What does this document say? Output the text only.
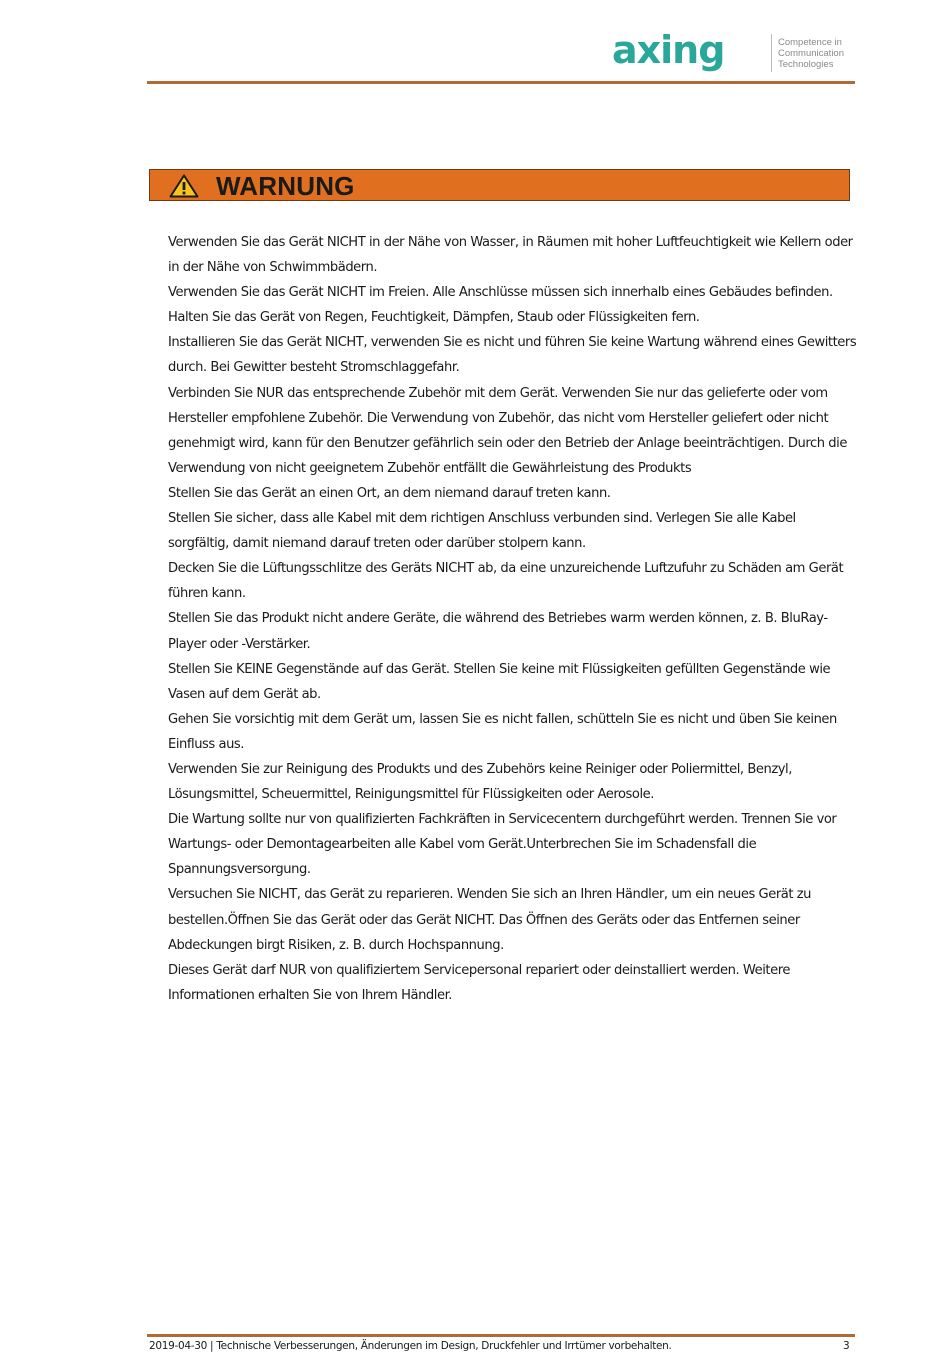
axing	Competence in
Communication
Technologies
WARNUNG

Verwenden Sie das Gerät NICHT in der Nähe von Wasser, in Räumen mit hoher Luftfeuchtigkeit wie Kellern oder in der Nähe von Schwimmbädern.

Verwenden Sie das Gerät NICHT im Freien. Alle Anschlüsse müssen sich innerhalb eines Gebäudes befinden.

Halten Sie das Gerät von Regen, Feuchtigkeit, Dämpfen, Staub oder Flüssigkeiten fern.

Installieren Sie das Gerät NICHT, verwenden Sie es nicht und führen Sie keine Wartung während eines Gewitters durch. Bei Gewitter besteht Stromschlaggefahr.

Verbinden Sie NUR das entsprechende Zubehör mit dem Gerät. Verwenden Sie nur das gelieferte oder vom Hersteller empfohlene Zubehör. Die Verwendung von Zubehör, das nicht vom Hersteller geliefert oder nicht genehmigt wird, kann für den Benutzer gefährlich sein oder den Betrieb der Anlage beeinträchtigen. Durch die Verwendung von nicht geeignetem Zubehör entfällt die Gewährleistung des Produkts

Stellen Sie das Gerät an einen Ort, an dem niemand darauf treten kann.

Stellen Sie sicher, dass alle Kabel mit dem richtigen Anschluss verbunden sind. Verlegen Sie alle Kabel sorgfältig, damit niemand darauf treten oder darüber stolpern kann.

Decken Sie die Lüftungsschlitze des Geräts NICHT ab, da eine unzureichende Luftzufuhr zu Schäden am Gerät führen kann.

Stellen Sie das Produkt nicht andere Geräte, die während des Betriebes warm werden können, z. B. BluRay-Player oder -Verstärker.

Stellen Sie KEINE Gegenstände auf das Gerät. Stellen Sie keine mit Flüssigkeiten gefüllten Gegenstände wie Vasen auf dem Gerät ab.

Gehen Sie vorsichtig mit dem Gerät um, lassen Sie es nicht fallen, schütteln Sie es nicht und üben Sie keinen Einfluss aus.

Verwenden Sie zur Reinigung des Produkts und des Zubehörs keine Reiniger oder Poliermittel, Benzyl, Lösungsmittel, Scheuermittel, Reinigungsmittel für Flüssigkeiten oder Aerosole.

Die Wartung sollte nur von qualifizierten Fachkräften in Servicecentern durchgeführt werden. Trennen Sie vor Wartungs- oder Demontagearbeiten alle Kabel vom Gerät.Unterbrechen Sie im Schadensfall die Spannungsversorgung.

Versuchen Sie NICHT, das Gerät zu reparieren. Wenden Sie sich an Ihren Händler, um ein neues Gerät zu bestellen.Öffnen Sie das Gerät oder das Gerät NICHT. Das Öffnen des Geräts oder das Entfernen seiner Abdeckungen birgt Risiken, z. B. durch Hochspannung.

Dieses Gerät darf NUR von qualifiziertem Servicepersonal repariert oder deinstalliert werden. Weitere Informationen erhalten Sie von Ihrem Händler.

2019-04-30 | Technische Verbesserungen, Änderungen im Design, Druckfehler und Irrtümer vorbehalten.	3
